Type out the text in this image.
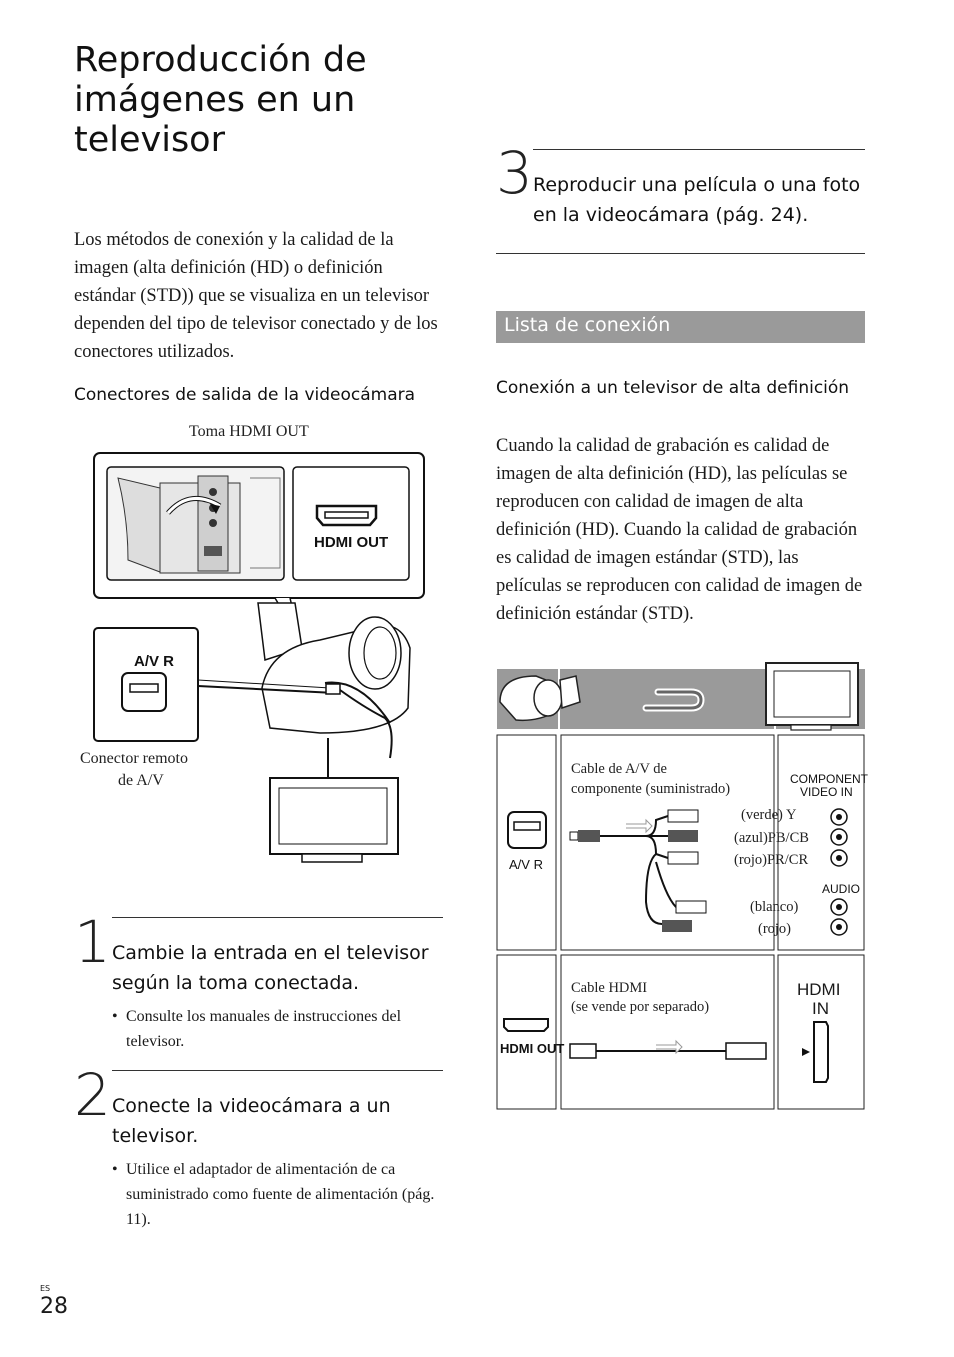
Reproducción de imágenes en un televisor
Los métodos de conexión y la calidad de la imagen (alta definición (HD) o definición estándar (STD)) que se visualiza en un televisor dependen del tipo de televisor conectado y de los conectores utilizados.
Conectores de salida de la videocámara
Toma HDMI OUT
HDMI OUT
A/V R
Conector remoto
de A/V
1 Cambie la entrada en el televisor según la toma conectada.
• Consulte los manuales de instrucciones del televisor.
2 Conecte la videocámara a un televisor.
• Utilice el adaptador de alimentación de ca suministrado como fuente de alimentación (pág. 11).
3 Reproducir una película o una foto en la videocámara (pág. 24).
Lista de conexión
Conexión a un televisor de alta definición
Cuando la calidad de grabación es calidad de imagen de alta definición (HD), las películas se reproducen con calidad de imagen de alta definición (HD). Cuando la calidad de grabación es calidad de imagen estándar (STD), las películas se reproducen con calidad de imagen de definición estándar (STD).
A/V R
Cable de A/V de
componente (suministrado)
COMPONENT
VIDEO IN
(verde) Y
(azul)PB/CB
(rojo)PR/CR
AUDIO
(blanco)
(rojo)
HDMI OUT
Cable HDMI
(se vende por separado)
HDMI
IN
ES
28
